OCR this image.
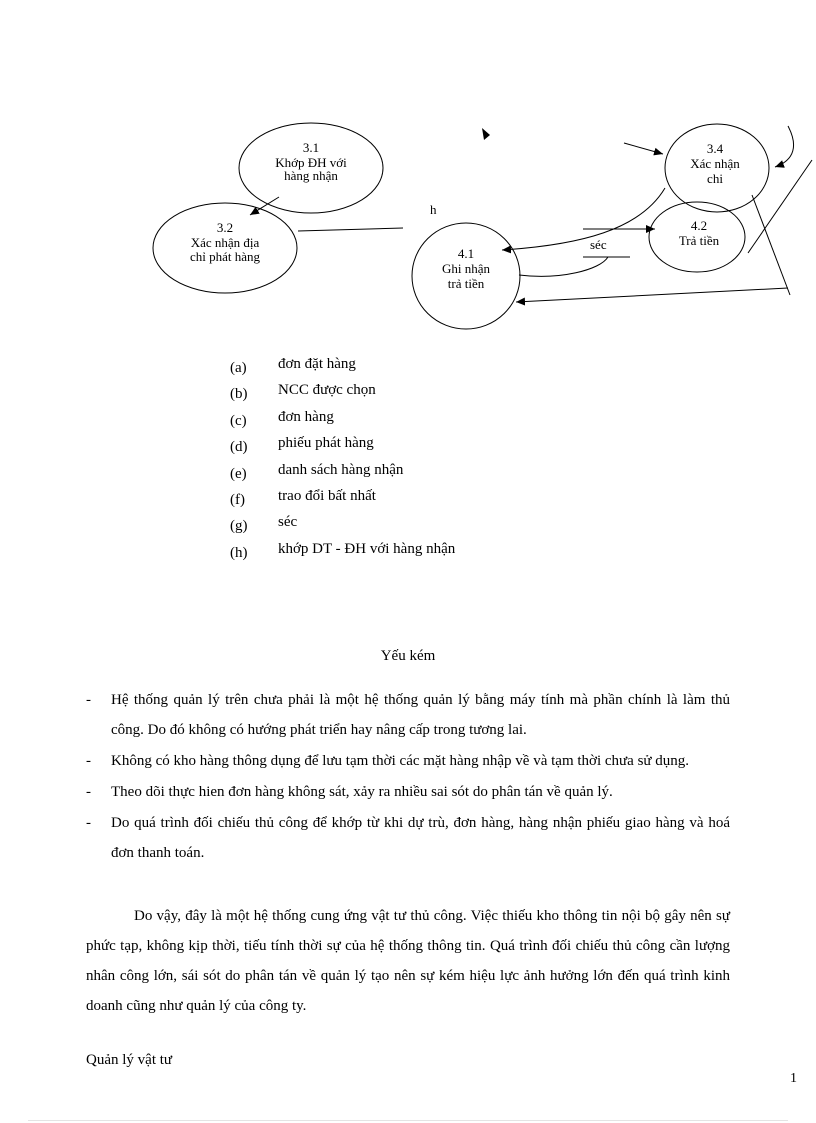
3.1
Khớp ĐH với
hàng nhận
3.2
Xác nhận địa
chỉ phát hàng	4.1
Ghi nhận
trả tiền
3.4
Xác nhận
chi
4.2
Trả tiền
h
séc
(a)	đơn đặt hàng
(b)	NCC được chọn
(c)	đơn hàng
(d)	phiếu phát hàng
(e)	danh sách hàng nhận
(f)	trao đổi bất nhất
(g)	séc
(h)	khớp DT - ĐH với hàng nhận
Yếu kém
- Hệ thống quản lý trên chưa phải là một hệ thống quản lý bằng máy tính mà phần chính là làm thủ công. Do đó không có hướng phát triển hay nâng cấp trong tương lai.
- Không có kho hàng thông dụng để lưu tạm thời các mặt hàng nhập về và tạm thời chưa sử dụng.
- Theo dõi thực hien đơn hàng không sát, xảy ra nhiều sai sót do phân tán về quản lý.
- Do quá trình đối chiếu thủ công để khớp từ khi dự trù, đơn hàng, hàng nhận phiếu giao hàng và hoá đơn thanh toán.
Do vậy, đây là một hệ thống cung ứng vật tư thủ công. Việc thiếu kho thông tin nội bộ gây nên sự phức tạp, không kịp thời, tiếu tính thời sự của hệ thống thông tin. Quá trình đối chiếu thủ công cần lượng nhân công lớn, sái sót do phân tán về quản lý tạo nên sự kém hiệu lực ảnh hưởng lớn đến quá trình kinh doanh cũng như quản lý của công ty.
Quản lý vật tư
1
